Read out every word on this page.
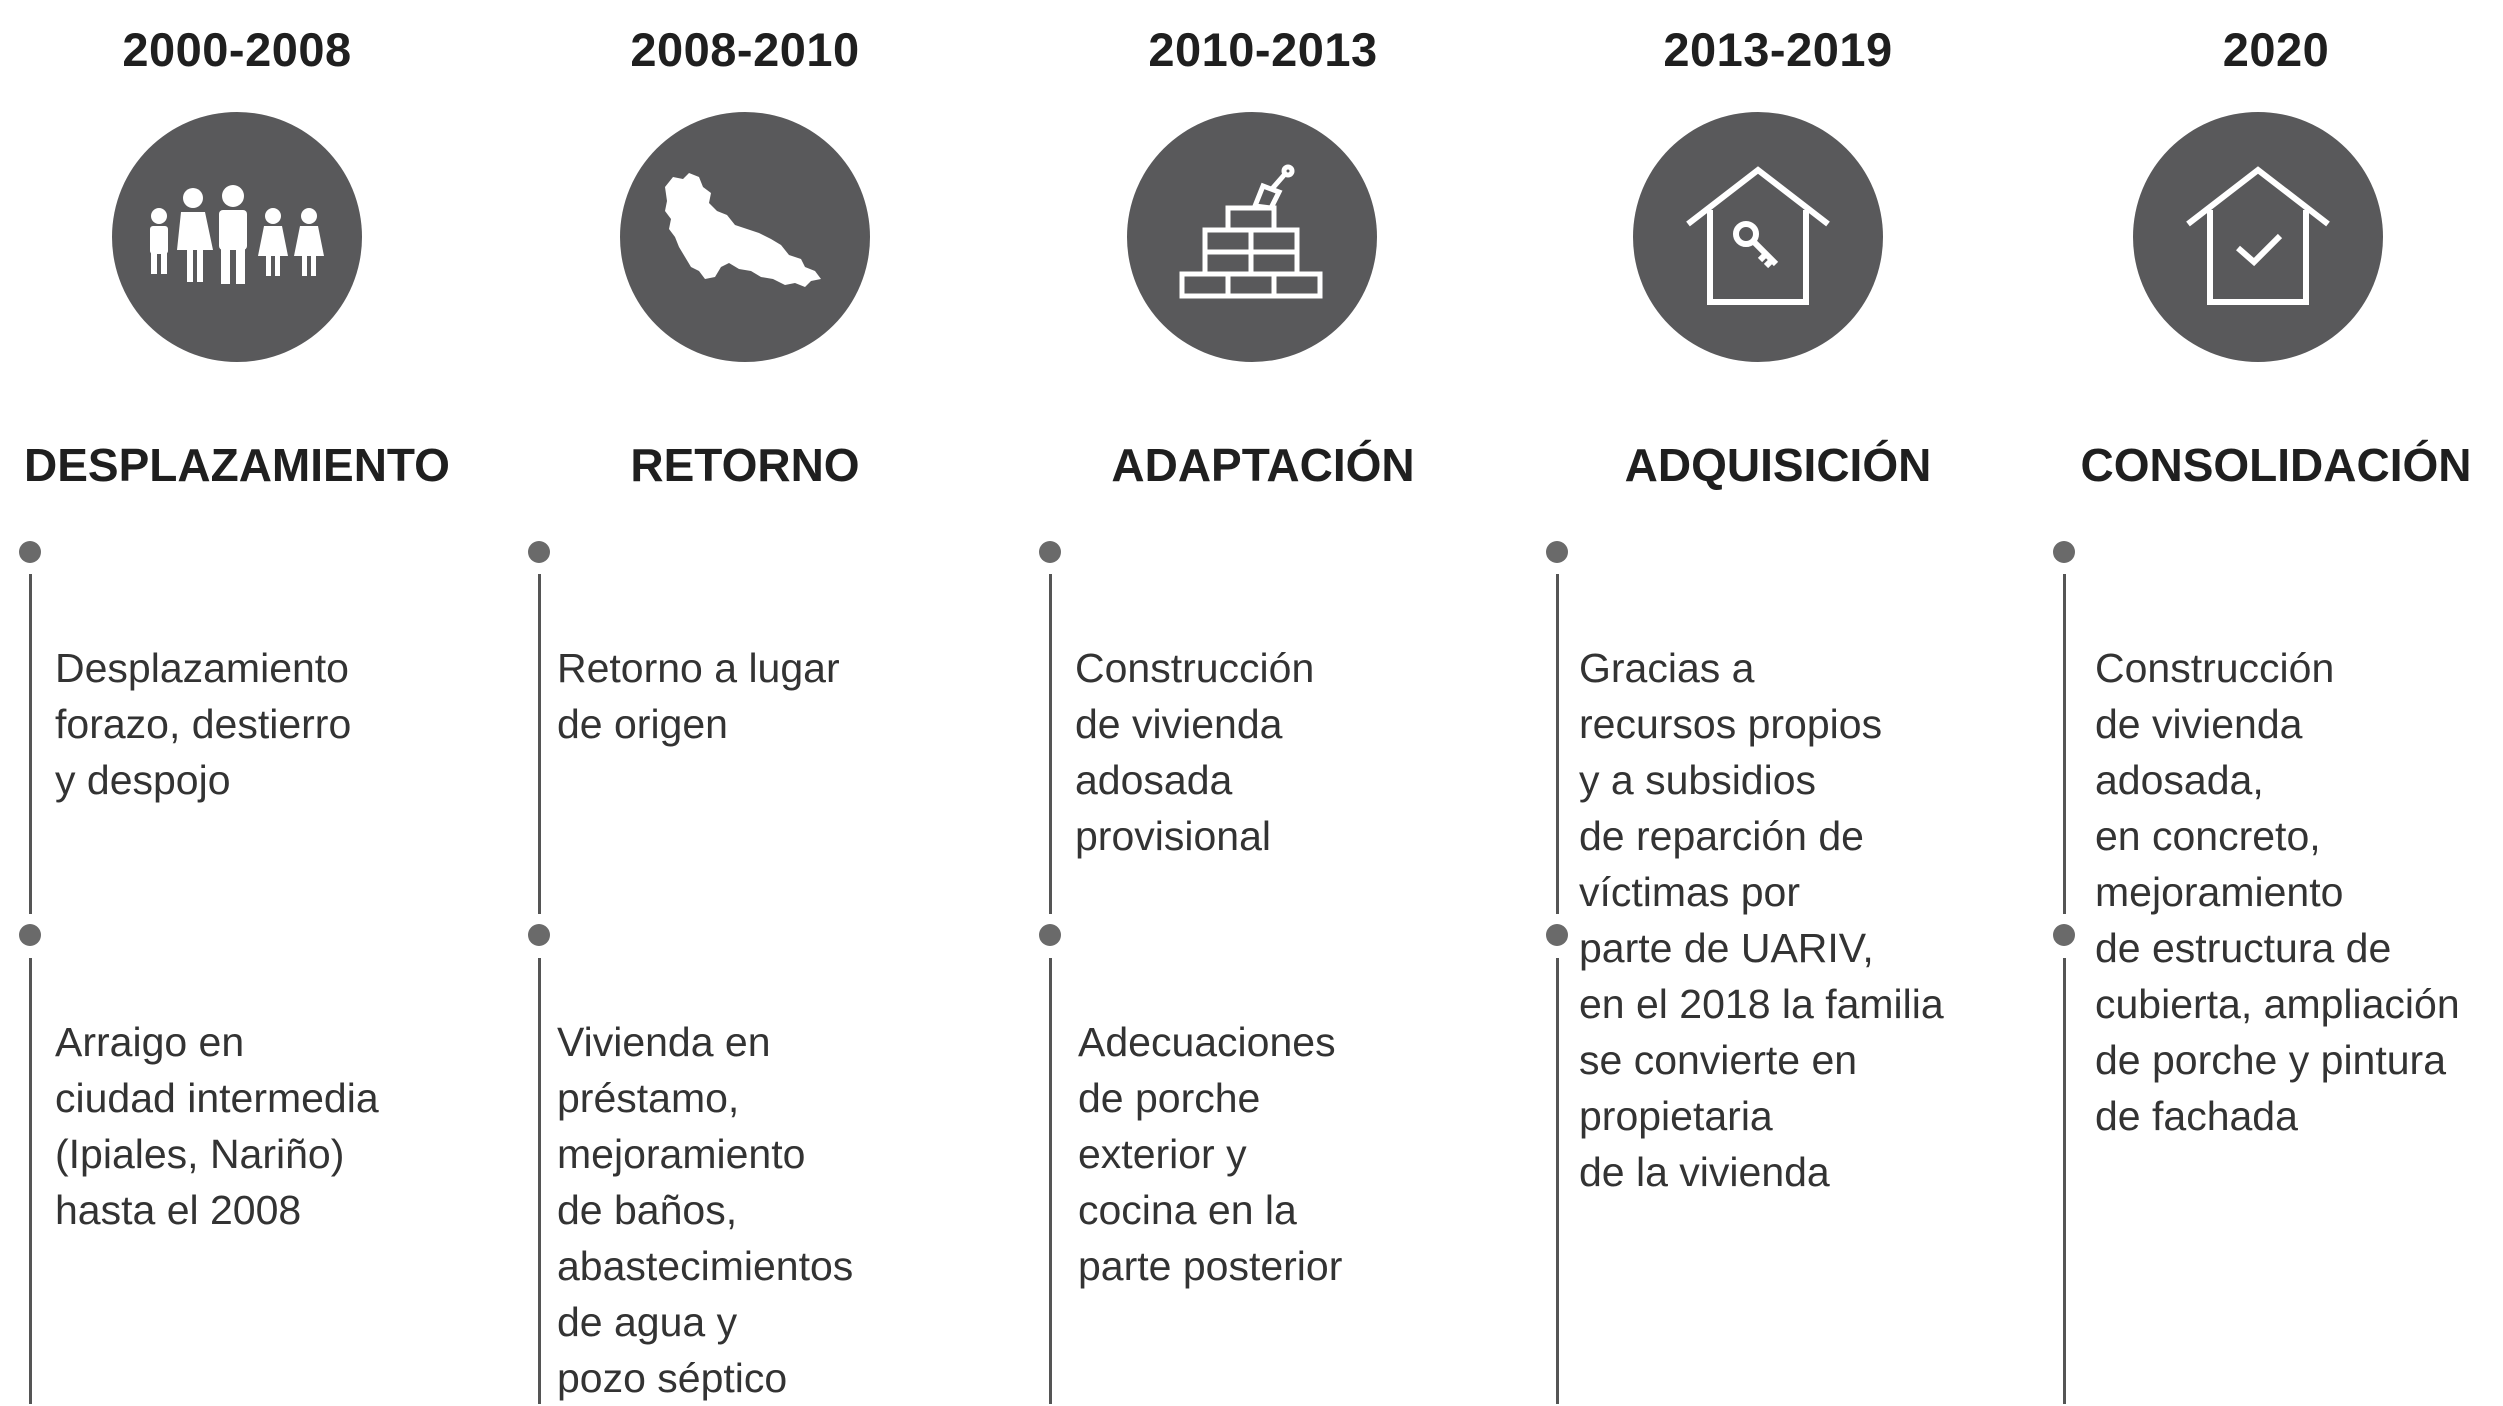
2000-2008
DESPLAZAMIENTO
Desplazamiento
forazo, destierro
y despojo
Arraigo en
ciudad intermedia
(Ipiales, Nariño)
hasta el 2008
2008-2010
RETORNO
Retorno a lugar
de origen
Vivienda en
préstamo,
mejoramiento
de baños,
abastecimientos
de agua y
pozo séptico
2010-2013
ADAPTACIÓN
Construcción
de vivienda
adosada
provisional
Adecuaciones
de porche
exterior y
cocina en la
parte posterior
2013-2019
ADQUISICIÓN
Gracias a
recursos propios
y a subsidios
de reparción de
víctimas por
parte de UARIV,
en el 2018 la familia
se convierte en
propietaria
de la vivienda
2020
CONSOLIDACIÓN
Construcción
de vivienda
adosada,
en concreto,
mejoramiento
de estructura de
cubierta, ampliación
de porche y pintura
de fachada
